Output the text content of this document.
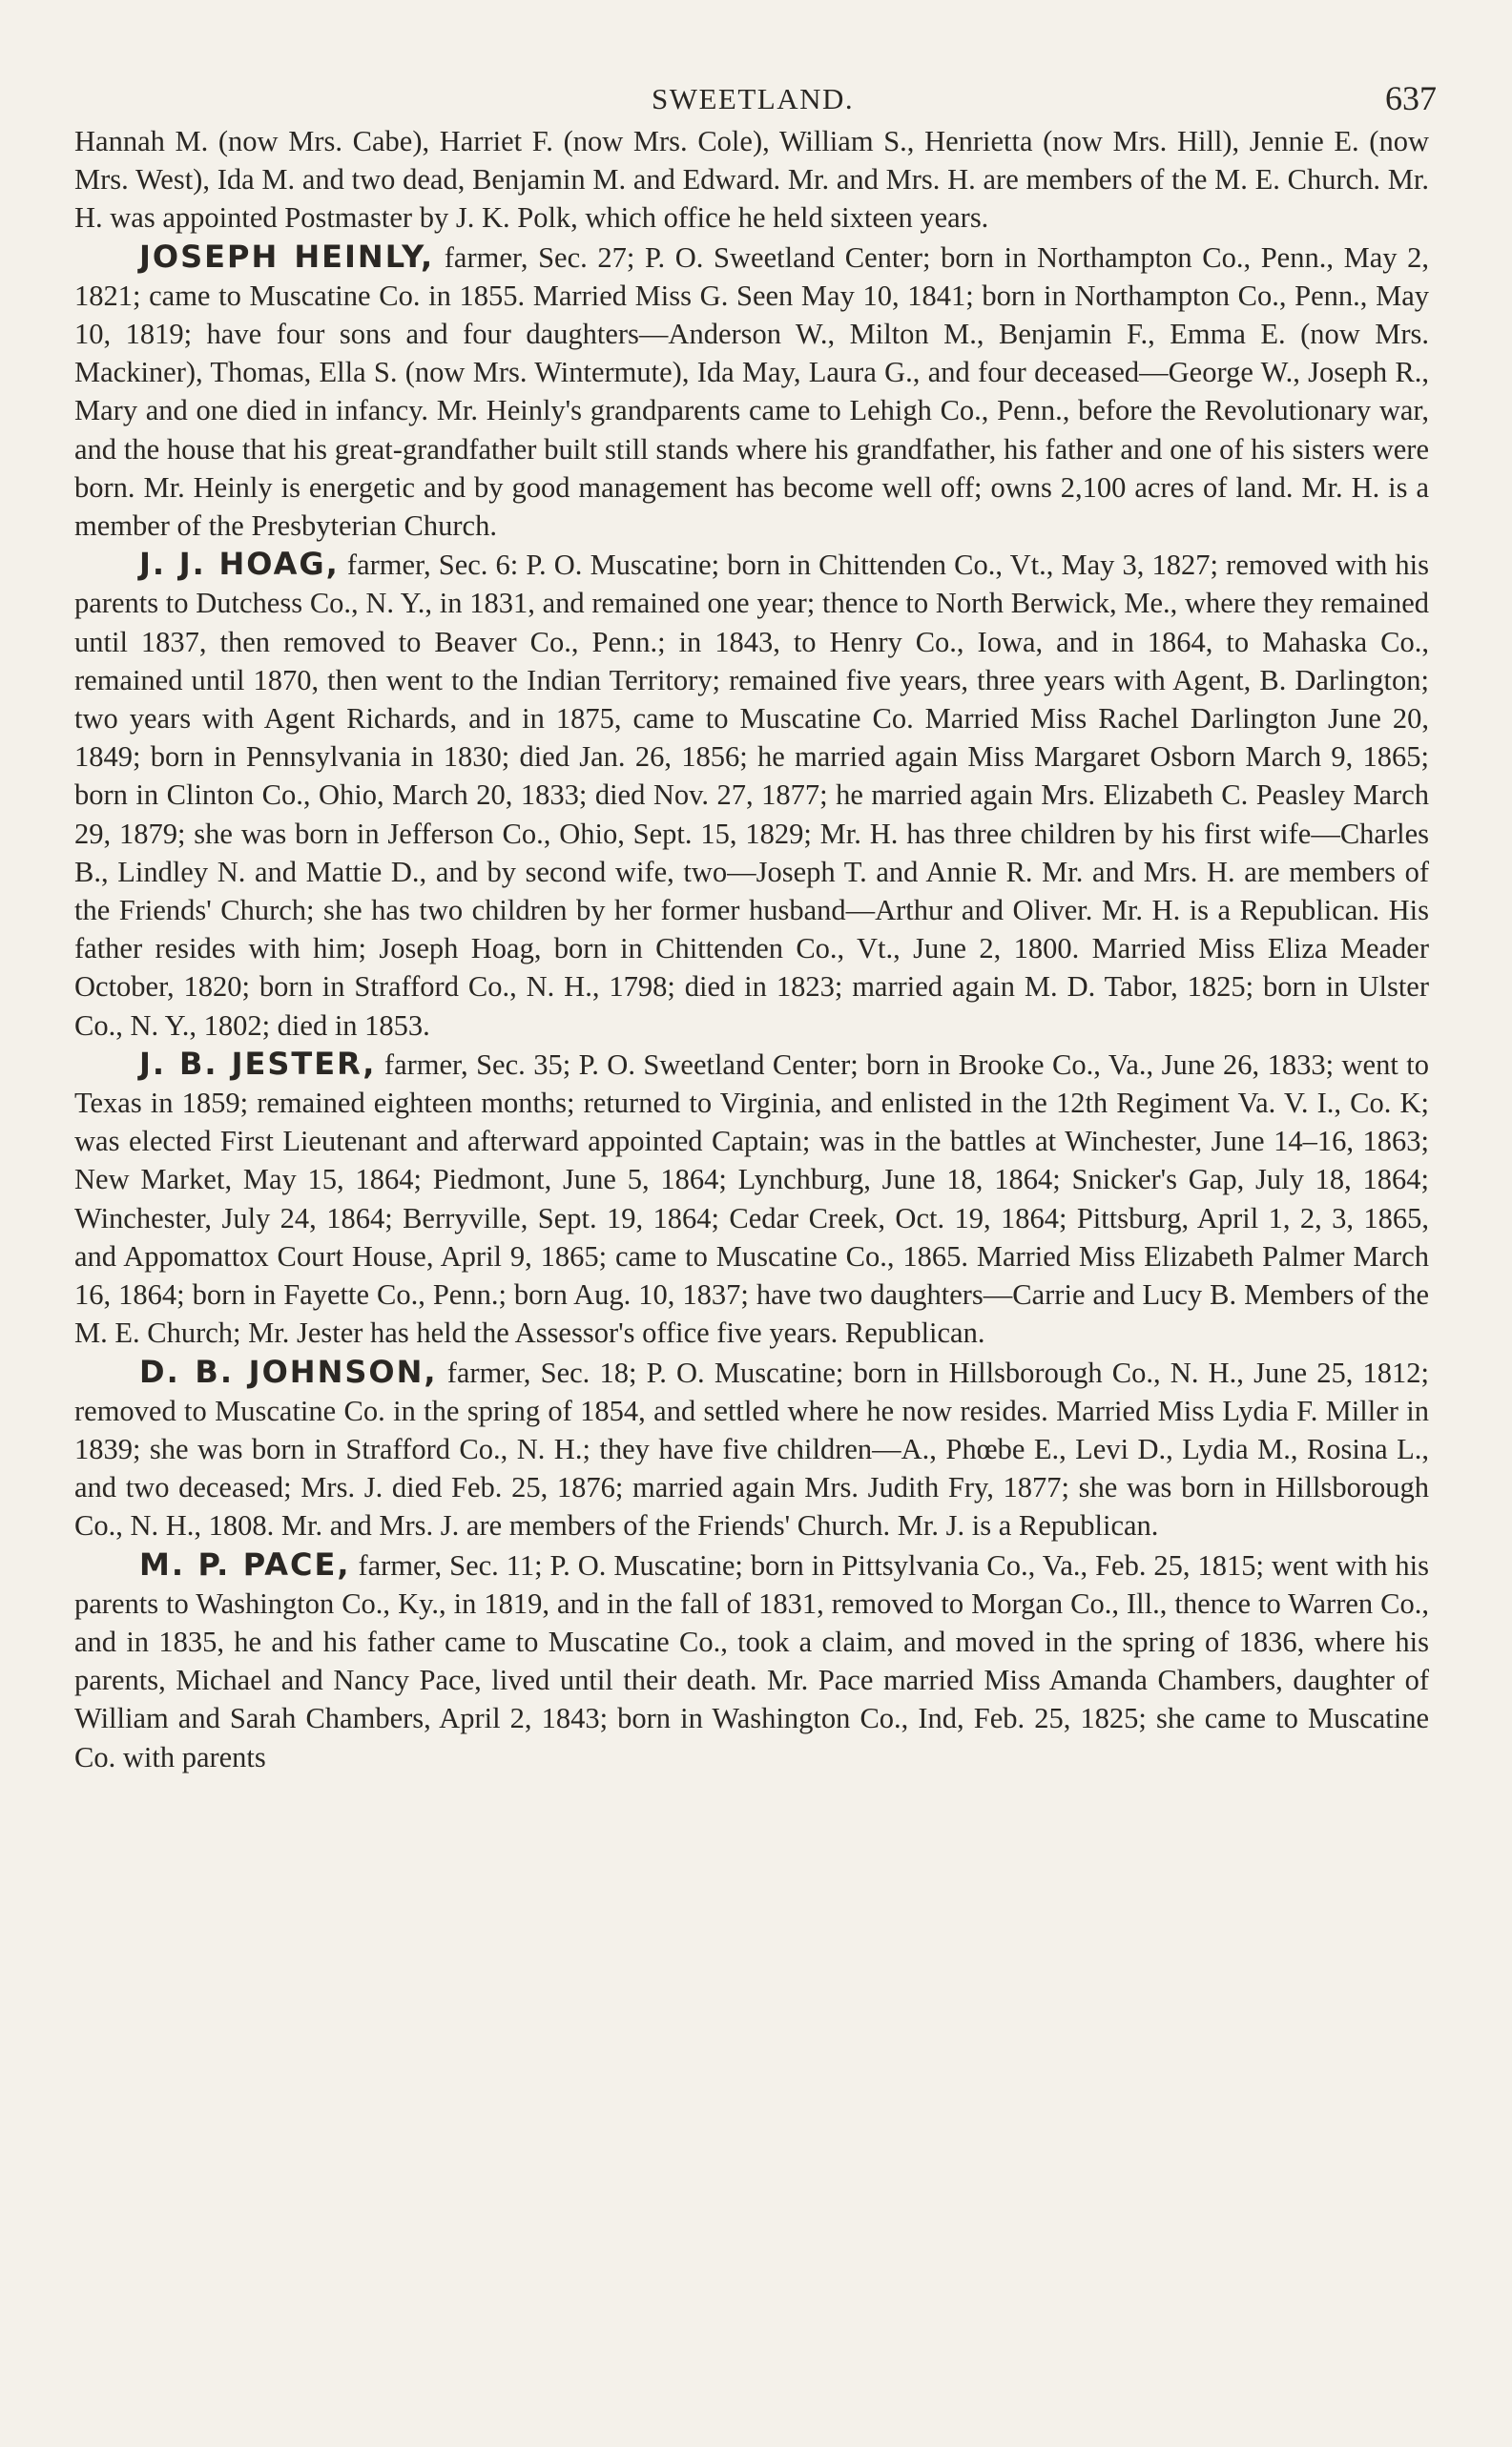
SWEETLAND.	637

Hannah M. (now Mrs. Cabe), Harriet F. (now Mrs. Cole), William S., Henrietta (now Mrs. Hill), Jennie E. (now Mrs. West), Ida M. and two dead, Benjamin M. and Edward. Mr. and Mrs. H. are members of the M. E. Church. Mr. H. was appointed Postmaster by J. K. Polk, which office he held sixteen years.

JOSEPH HEINLY, farmer, Sec. 27; P. O. Sweetland Center; born in Northampton Co., Penn., May 2, 1821; came to Muscatine Co. in 1855. Married Miss G. Seen May 10, 1841; born in Northampton Co., Penn., May 10, 1819; have four sons and four daughters—Anderson W., Milton M., Benjamin F., Emma E. (now Mrs. Mackiner), Thomas, Ella S. (now Mrs. Wintermute), Ida May, Laura G., and four deceased—George W., Joseph R., Mary and one died in infancy. Mr. Heinly's grandparents came to Lehigh Co., Penn., before the Revolutionary war, and the house that his great-grandfather built still stands where his grandfather, his father and one of his sisters were born. Mr. Heinly is energetic and by good management has become well off; owns 2,100 acres of land. Mr. H. is a member of the Presbyterian Church.

J. J. HOAG, farmer, Sec. 6: P. O. Muscatine; born in Chittenden Co., Vt., May 3, 1827; removed with his parents to Dutchess Co., N. Y., in 1831, and remained one year; thence to North Berwick, Me., where they remained until 1837, then removed to Beaver Co., Penn.; in 1843, to Henry Co., Iowa, and in 1864, to Mahaska Co., remained until 1870, then went to the Indian Territory; remained five years, three years with Agent, B. Darlington; two years with Agent Richards, and in 1875, came to Muscatine Co. Married Miss Rachel Darlington June 20, 1849; born in Pennsylvania in 1830; died Jan. 26, 1856; he married again Miss Margaret Osborn March 9, 1865; born in Clinton Co., Ohio, March 20, 1833; died Nov. 27, 1877; he married again Mrs. Elizabeth C. Peasley March 29, 1879; she was born in Jefferson Co., Ohio, Sept. 15, 1829; Mr. H. has three children by his first wife—Charles B., Lindley N. and Mattie D., and by second wife, two—Joseph T. and Annie R. Mr. and Mrs. H. are members of the Friends' Church; she has two children by her former husband—Arthur and Oliver. Mr. H. is a Republican. His father resides with him; Joseph Hoag, born in Chittenden Co., Vt., June 2, 1800. Married Miss Eliza Meader October, 1820; born in Strafford Co., N. H., 1798; died in 1823; married again M. D. Tabor, 1825; born in Ulster Co., N. Y., 1802; died in 1853.

J. B. JESTER, farmer, Sec. 35; P. O. Sweetland Center; born in Brooke Co., Va., June 26, 1833; went to Texas in 1859; remained eighteen months; returned to Virginia, and enlisted in the 12th Regiment Va. V. I., Co. K; was elected First Lieutenant and afterward appointed Captain; was in the battles at Winchester, June 14–16, 1863; New Market, May 15, 1864; Piedmont, June 5, 1864; Lynchburg, June 18, 1864; Snicker's Gap, July 18, 1864; Winchester, July 24, 1864; Berryville, Sept. 19, 1864; Cedar Creek, Oct. 19, 1864; Pittsburg, April 1, 2, 3, 1865, and Appomattox Court House, April 9, 1865; came to Muscatine Co., 1865. Married Miss Elizabeth Palmer March 16, 1864; born in Fayette Co., Penn.; born Aug. 10, 1837; have two daughters—Carrie and Lucy B. Members of the M. E. Church; Mr. Jester has held the Assessor's office five years. Republican.

D. B. JOHNSON, farmer, Sec. 18; P. O. Muscatine; born in Hillsborough Co., N. H., June 25, 1812; removed to Muscatine Co. in the spring of 1854, and settled where he now resides. Married Miss Lydia F. Miller in 1839; she was born in Strafford Co., N. H.; they have five children—A., Phœbe E., Levi D., Lydia M., Rosina L., and two deceased; Mrs. J. died Feb. 25, 1876; married again Mrs. Judith Fry, 1877; she was born in Hillsborough Co., N. H., 1808. Mr. and Mrs. J. are members of the Friends' Church. Mr. J. is a Republican.

M. P. PACE, farmer, Sec. 11; P. O. Muscatine; born in Pittsylvania Co., Va., Feb. 25, 1815; went with his parents to Washington Co., Ky., in 1819, and in the fall of 1831, removed to Morgan Co., Ill., thence to Warren Co., and in 1835, he and his father came to Muscatine Co., took a claim, and moved in the spring of 1836, where his parents, Michael and Nancy Pace, lived until their death. Mr. Pace married Miss Amanda Chambers, daughter of William and Sarah Chambers, April 2, 1843; born in Washington Co., Ind, Feb. 25, 1825; she came to Muscatine Co. with parents
